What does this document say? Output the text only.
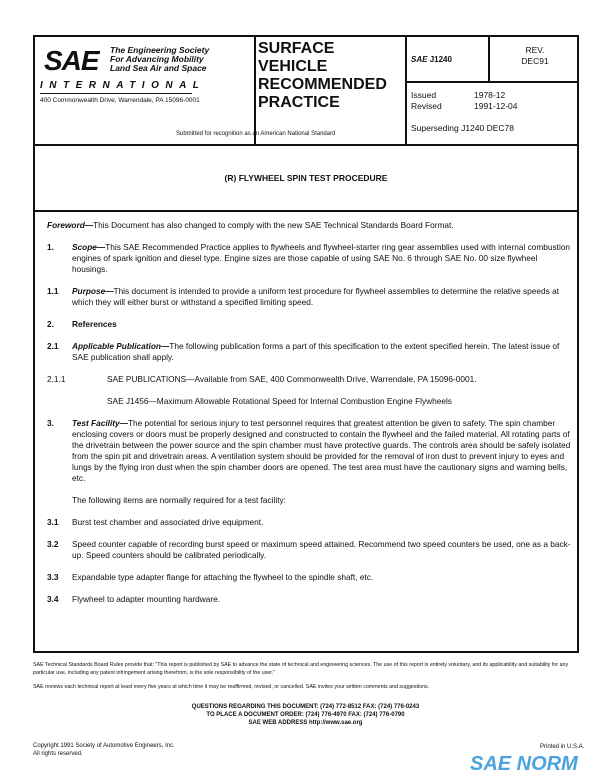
SAE The Engineering Society
For Advancing Mobility
Land Sea Air and Space
INTERNATIONAL
400 Commonwealth Drive, Warrendale, PA 15096-0001
SURFACE
VEHICLE
RECOMMENDED
PRACTICE
Submitted for recognition as an American National Standard
SAE J1240
REV.
DEC91
Issued	1978-12
Revised	1991-12-04
Superseding J1240 DEC78
(R) FLYWHEEL SPIN TEST PROCEDURE
Foreword—This Document has also changed to comply with the new SAE Technical Standards Board Format.
1. Scope—This SAE Recommended Practice applies to flywheels and flywheel-starter ring gear assemblies used with internal combustion engines of spark ignition and diesel type. Engine sizes are those capable of using SAE No. 6 through SAE No. 00 size flywheel housings.
1.1 Purpose—This document is intended to provide a uniform test procedure for flywheel assemblies to determine the relative speeds at which they will either burst or withstand a specified limiting speed.
2. References
2.1 Applicable Publication—The following publication forms a part of this specification to the extent specified herein. The latest issue of SAE publication shall apply.
2.1.1	SAE PUBLICATIONS—Available from SAE, 400 Commonwealth Drive, Warrendale, PA 15096-0001.
SAE J1456—Maximum Allowable Rotational Speed for Internal Combustion Engine Flywheels
3. Test Facility—The potential for serious injury to test personnel requires that greatest attention be given to safety. The spin chamber enclosing covers or doors must be properly designed and constructed to contain the flywheel and the failed material. All rotating parts of the drivetrain between the power source and the spin chamber must have protective guards. The controls area should be safely isolated from the spin pit and drivetrain areas. A ventilation system should be provided for the removal of iron dust to prevent injury to eyes and lungs by the flying iron dust when the spin chamber doors are opened. The test area must have the cautionary signs and warning bells, etc.
The following items are normally required for a test facility:
3.1 Burst test chamber and associated drive equipment.
3.2 Speed counter capable of recording burst speed or maximum speed attained. Recommend two speed counters be used, one as a back-up. Speed counters should be calibrated periodically.
3.3 Expandable type adapter flange for attaching the flywheel to the spindle shaft, etc.
3.4 Flywheel to adapter mounting hardware.
SAE Technical Standards Board Rules provide that: "This report is published by SAE to advance the state of technical and engineering sciences. The use of this report is entirely voluntary, and its applicability and suitability for any particular use, including any patent infringement arising therefrom, is the sole responsibility of the user."
SAE reviews each technical report at least every five years at which time it may be reaffirmed, revised, or cancelled. SAE invites your written comments and suggestions.
QUESTIONS REGARDING THIS DOCUMENT: (724) 772-8512 FAX: (724) 776-0243
TO PLACE A DOCUMENT ORDER: (724) 776-4970 FAX: (724) 776-0790
SAE WEB ADDRESS http://www.sae.org
Copyright 1991 Society of Automotive Engineers, Inc.
All rights reserved.
Printed in U.S.A.
SAE NORM
